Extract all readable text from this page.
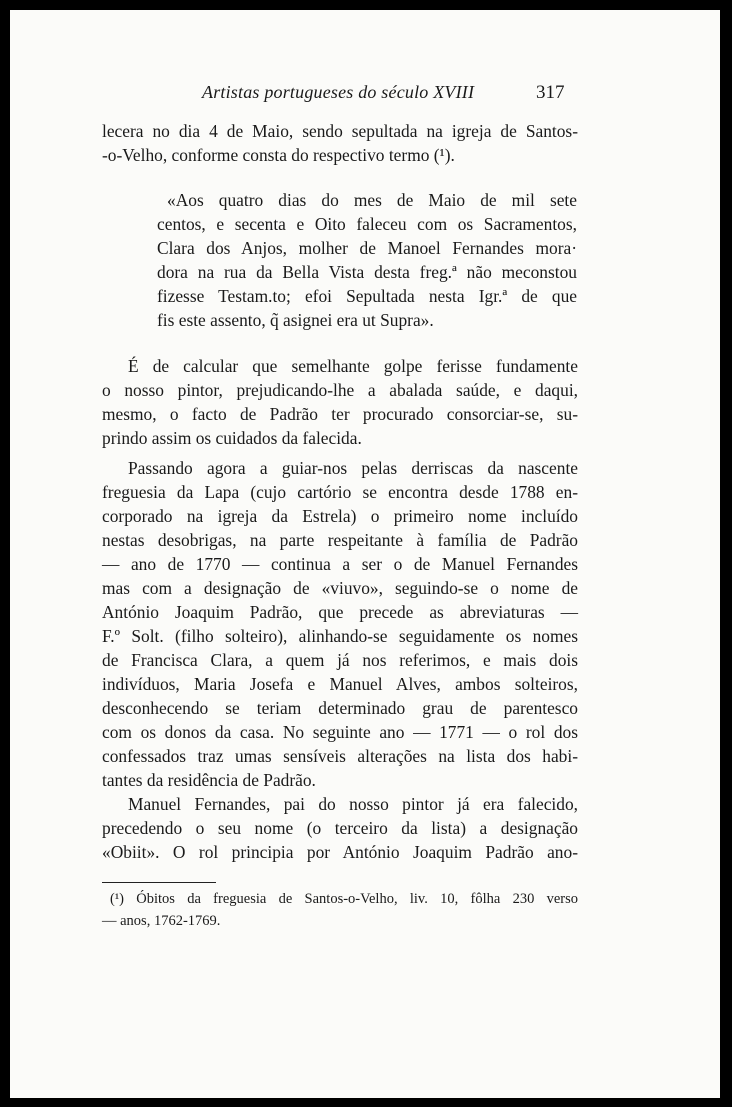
Artistas portugueses do século XVIII	317
lecera no dia 4 de Maio, sendo sepultada na igreja de Santos-
-o-Velho, conforme consta do respectivo termo (¹).
«Aos quatro dias do mes de Maio de mil sete
centos, e secenta e Oito faleceu com os Sacramentos,
Clara dos Anjos, molher de Manoel Fernandes mora·
dora na rua da Bella Vista desta freg.ª não meconstou
fizesse Testam.to; efoi Sepultada nesta Igr.ª de que
fis este assento, q̃ asignei era ut Supra».
É de calcular que semelhante golpe ferisse fundamente
o nosso pintor, prejudicando-lhe a abalada saúde, e daqui,
mesmo, o facto de Padrão ter procurado consorciar-se, su-
prindo assim os cuidados da falecida.
Passando agora a guiar-nos pelas derriscas da nascente
freguesia da Lapa (cujo cartório se encontra desde 1788 en-
corporado na igreja da Estrela) o primeiro nome incluído
nestas desobrigas, na parte respeitante à família de Padrão
— ano de 1770 — continua a ser o de Manuel Fernandes
mas com a designação de «viuvo», seguindo-se o nome de
António Joaquim Padrão, que precede as abreviaturas —
F.º Solt. (filho solteiro), alinhando-se seguidamente os nomes
de Francisca Clara, a quem já nos referimos, e mais dois
indivíduos, Maria Josefa e Manuel Alves, ambos solteiros,
desconhecendo se teriam determinado grau de parentesco
com os donos da casa. No seguinte ano — 1771 — o rol dos
confessados traz umas sensíveis alterações na lista dos habi-
tantes da residência de Padrão.
Manuel Fernandes, pai do nosso pintor já era falecido,
precedendo o seu nome (o terceiro da lista) a designação
«Obiit». O rol principia por António Joaquim Padrão ano-
(¹) Óbitos da freguesia de Santos-o-Velho, liv. 10, fôlha 230 verso
— anos, 1762-1769.
